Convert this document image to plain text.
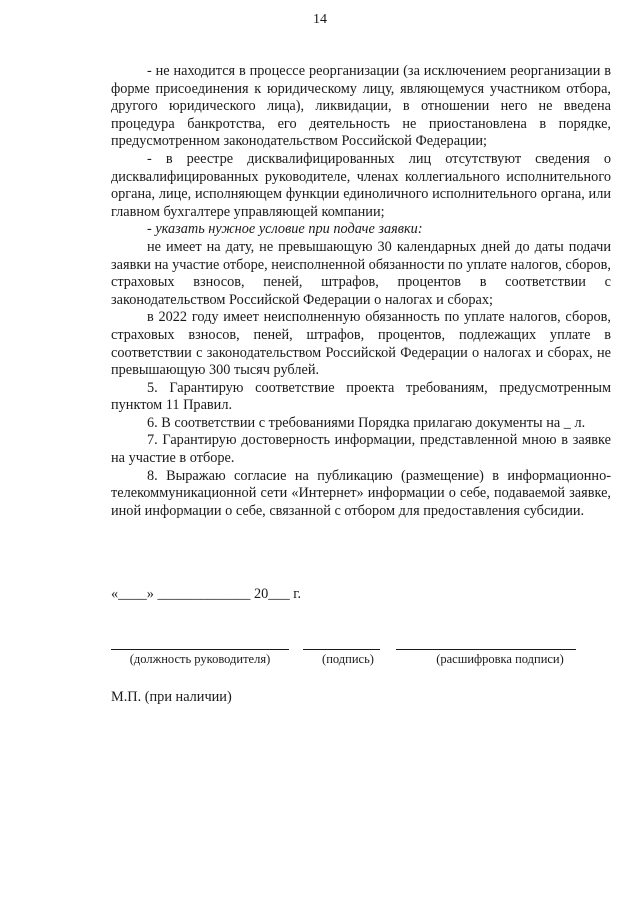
14

- не находится в процессе реорганизации (за исключением реорганизации в форме присоединения к юридическому лицу, являющемуся участником отбора, другого юридического лица), ликвидации, в отношении него не введена процедура банкротства, его деятельность не приостановлена в порядке, предусмотренном законодательством Российской Федерации;

- в реестре дисквалифицированных лиц отсутствуют сведения о дисквалифицированных руководителе, членах коллегиального исполнительного органа, лице, исполняющем функции единоличного исполнительного органа, или главном бухгалтере управляющей компании;

- указать нужное условие при подаче заявки:

не имеет на дату, не превышающую 30 календарных дней до даты подачи заявки на участие отборе, неисполненной обязанности по уплате налогов, сборов, страховых взносов, пеней, штрафов, процентов в соответствии с законодательством Российской Федерации о налогах и сборах;

в 2022 году имеет неисполненную обязанность по уплате налогов, сборов, страховых взносов, пеней, штрафов, процентов, подлежащих уплате в соответствии с законодательством Российской Федерации о налогах и сборах, не превышающую 300 тысяч рублей.

5. Гарантирую соответствие проекта требованиям, предусмотренным пунктом 11 Правил.

6. В соответствии с требованиями Порядка прилагаю документы на _ л.

7. Гарантирую достоверность информации, представленной мною в заявке на участие в отборе.

8. Выражаю согласие на публикацию (размещение) в информационно-телекоммуникационной сети «Интернет» информации о себе, подаваемой заявке, иной информации о себе, связанной с отбором для предоставления субсидии.

«____» _____________ 20___ г.
(должность руководителя)	(подпись)	(расшифровка подписи)
М.П. (при наличии)
